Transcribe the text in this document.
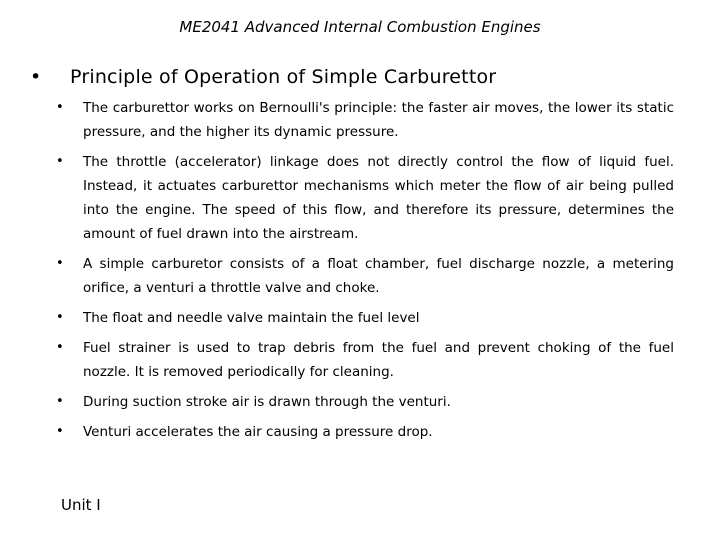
ME2041 Advanced Internal Combustion Engines
• Principle of Operation of Simple Carburettor
• The carburettor works on Bernoulli's principle: the faster air moves, the lower its static pressure, and the higher its dynamic pressure.
• The throttle (accelerator) linkage does not directly control the flow of liquid fuel. Instead, it actuates carburettor mechanisms which meter the flow of air being pulled into the engine. The speed of this flow, and therefore its pressure, determines the amount of fuel drawn into the airstream.
• A simple carburetor consists of a float chamber, fuel discharge nozzle, a metering orifice, a venturi a throttle valve and choke.
• The float and needle valve maintain the fuel level
• Fuel strainer is used to trap debris from the fuel and prevent choking of the fuel nozzle. It is removed periodically for cleaning.
• During suction stroke air is drawn through the venturi.
• Venturi accelerates the air causing a pressure drop.
Unit I
